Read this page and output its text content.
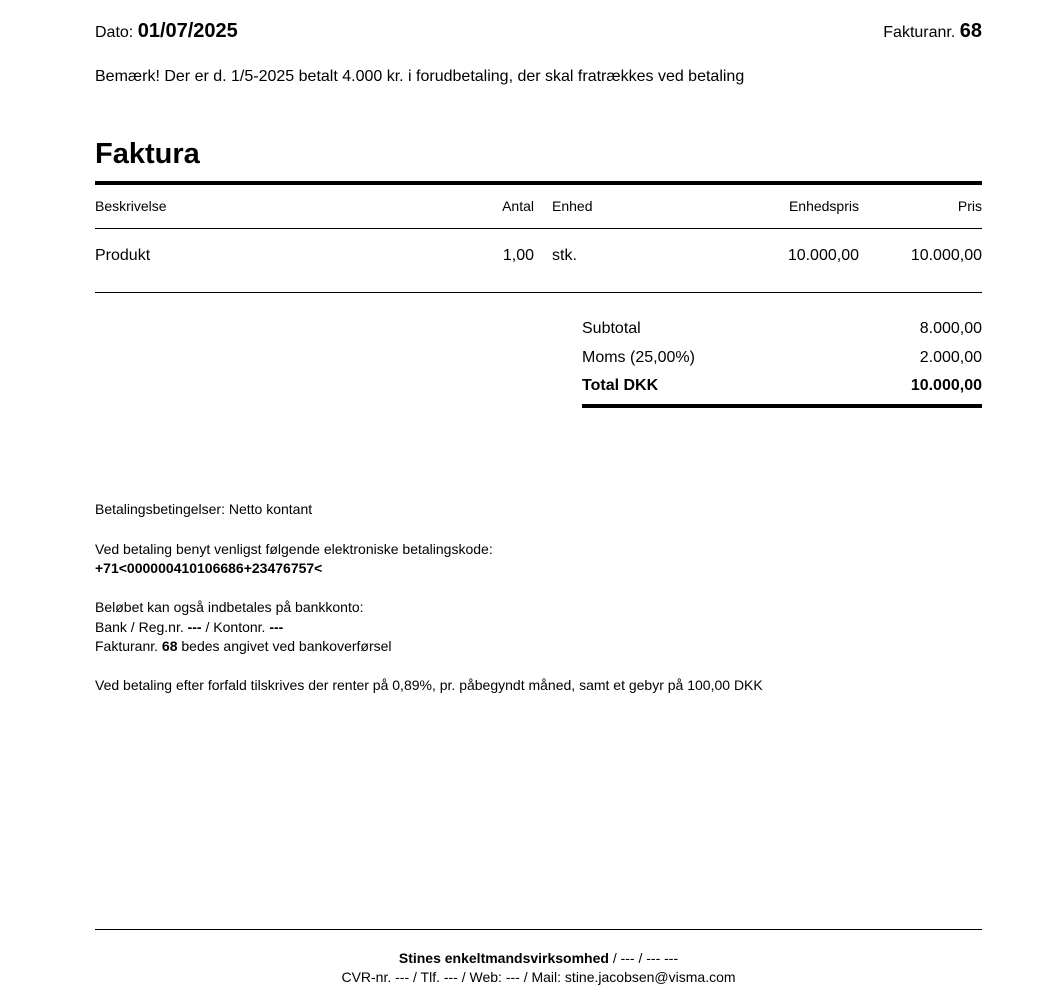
Dato: 01/07/2025	Fakturanr. 68
Bemærk! Der er d. 1/5-2025 betalt 4.000 kr. i forudbetaling, der skal fratrækkes ved betaling
Faktura
Beskrivelse	Antal Enhed	Enhedspris	Pris
Produkt	1,00 stk.	10.000,00	10.000,00
Subtotal	8.000,00
Moms (25,00%)	2.000,00
Total DKK	10.000,00
Betalingsbetingelser: Netto kontant
Ved betaling benyt venligst følgende elektroniske betalingskode:
+71<000000410106686+23476757<
Beløbet kan også indbetales på bankkonto:
Bank / Reg.nr. --- / Kontonr. ---
Fakturanr. 68 bedes angivet ved bankoverførsel
Ved betaling efter forfald tilskrives der renter på 0,89%, pr. påbegyndt måned, samt et gebyr på 100,00 DKK
Stines enkeltmandsvirksomhed / --- / --- ---
CVR-nr. --- / Tlf. --- / Web: --- / Mail: stine.jacobsen@visma.com
